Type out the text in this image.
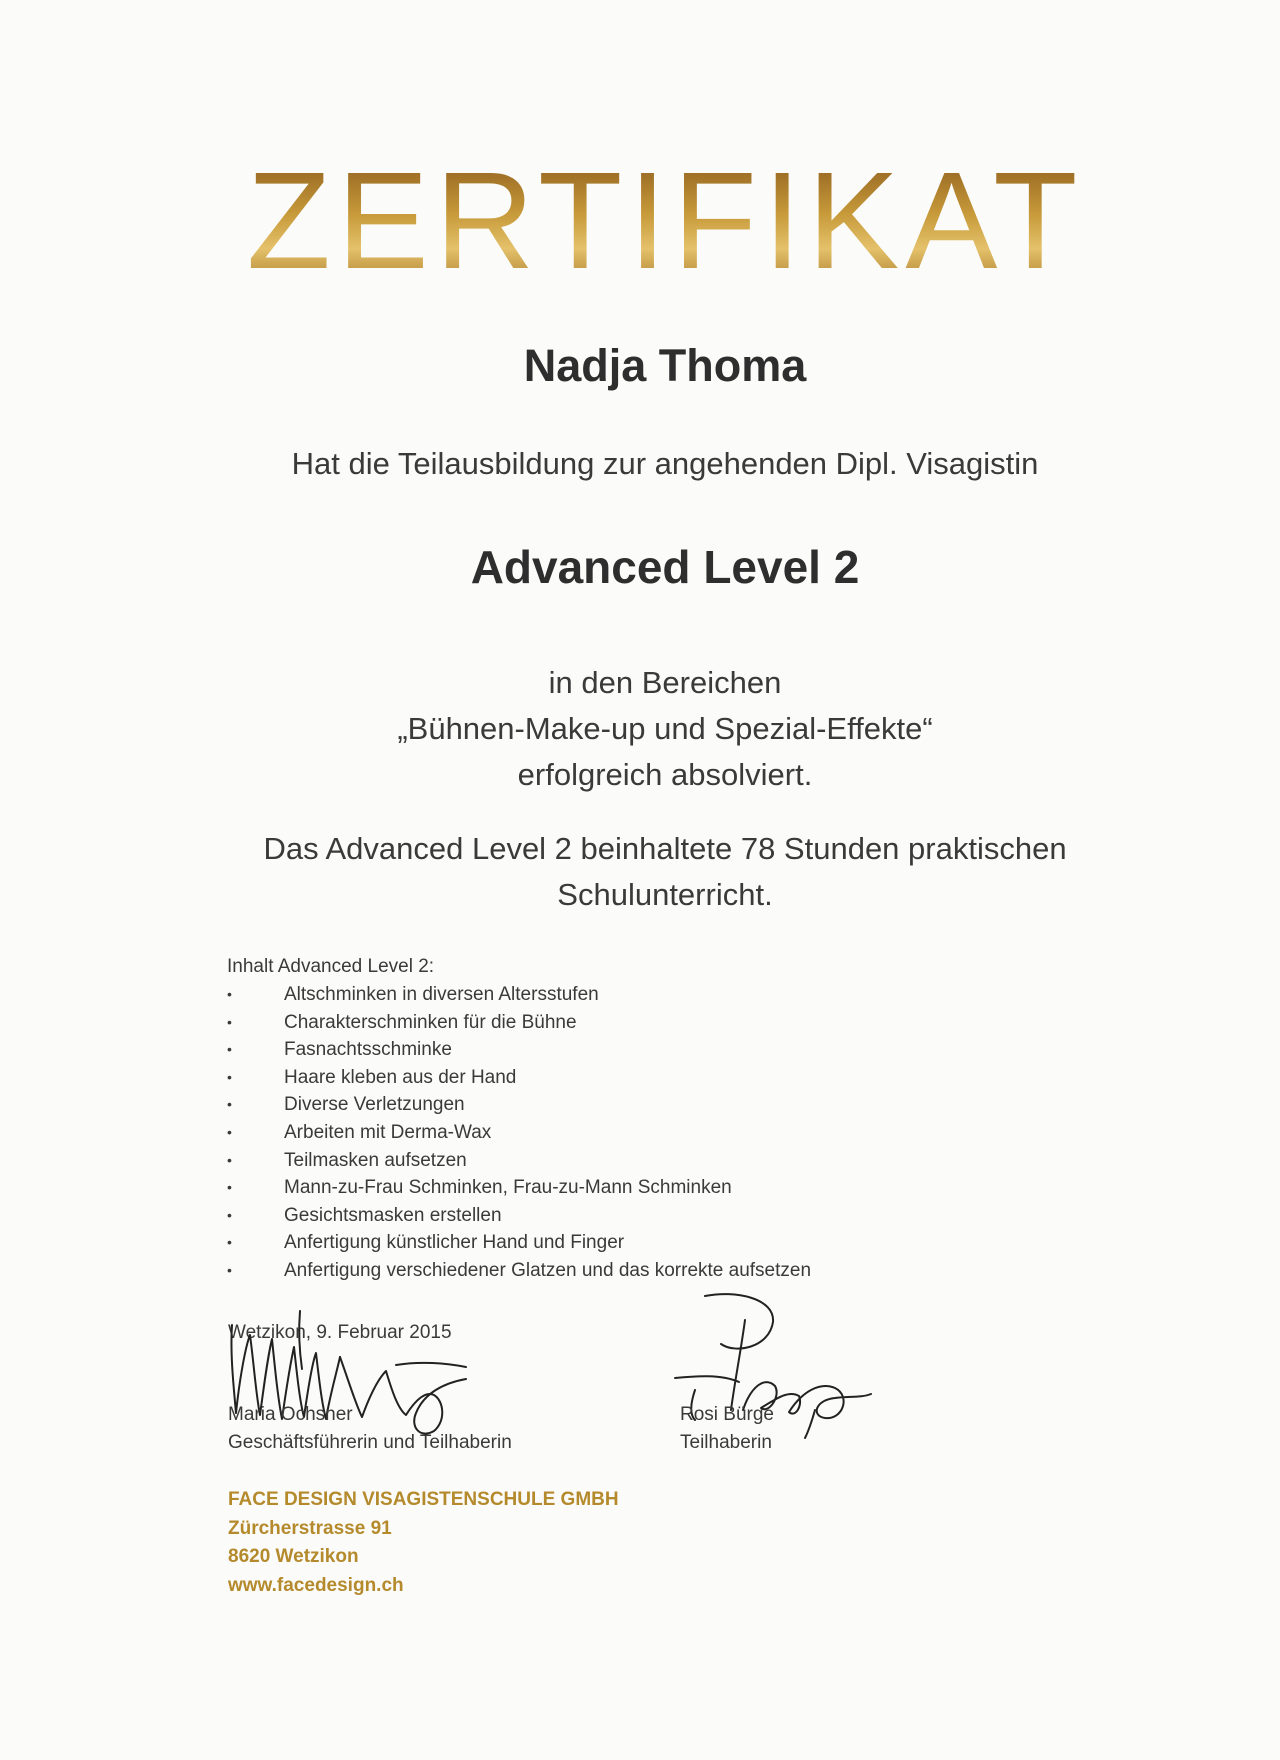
ZERTIFIKAT
Nadja Thoma
Hat die Teilausbildung zur angehenden Dipl. Visagistin
Advanced Level 2
in den Bereichen
„Bühnen-Make-up und Spezial-Effekte“
erfolgreich absolviert.
Das Advanced Level 2 beinhaltete 78 Stunden praktischen
Schulunterricht.
Inhalt Advanced Level 2:
•	Altschminken in diversen Altersstufen
•	Charakterschminken für die Bühne
•	Fasnachtsschminke
•	Haare kleben aus der Hand
•	Diverse Verletzungen
•	Arbeiten mit Derma-Wax
•	Teilmasken aufsetzen
•	Mann-zu-Frau Schminken, Frau-zu-Mann Schminken
•	Gesichtsmasken erstellen
•	Anfertigung künstlicher Hand und Finger
•	Anfertigung verschiedener Glatzen und das korrekte aufsetzen
Wetzikon, 9. Februar 2015
Maria Ochsner
Geschäftsführerin und Teilhaberin
Rosi Bürge
Teilhaberin
FACE DESIGN VISAGISTENSCHULE GMBH
Zürcherstrasse 91
8620 Wetzikon
www.facedesign.ch
